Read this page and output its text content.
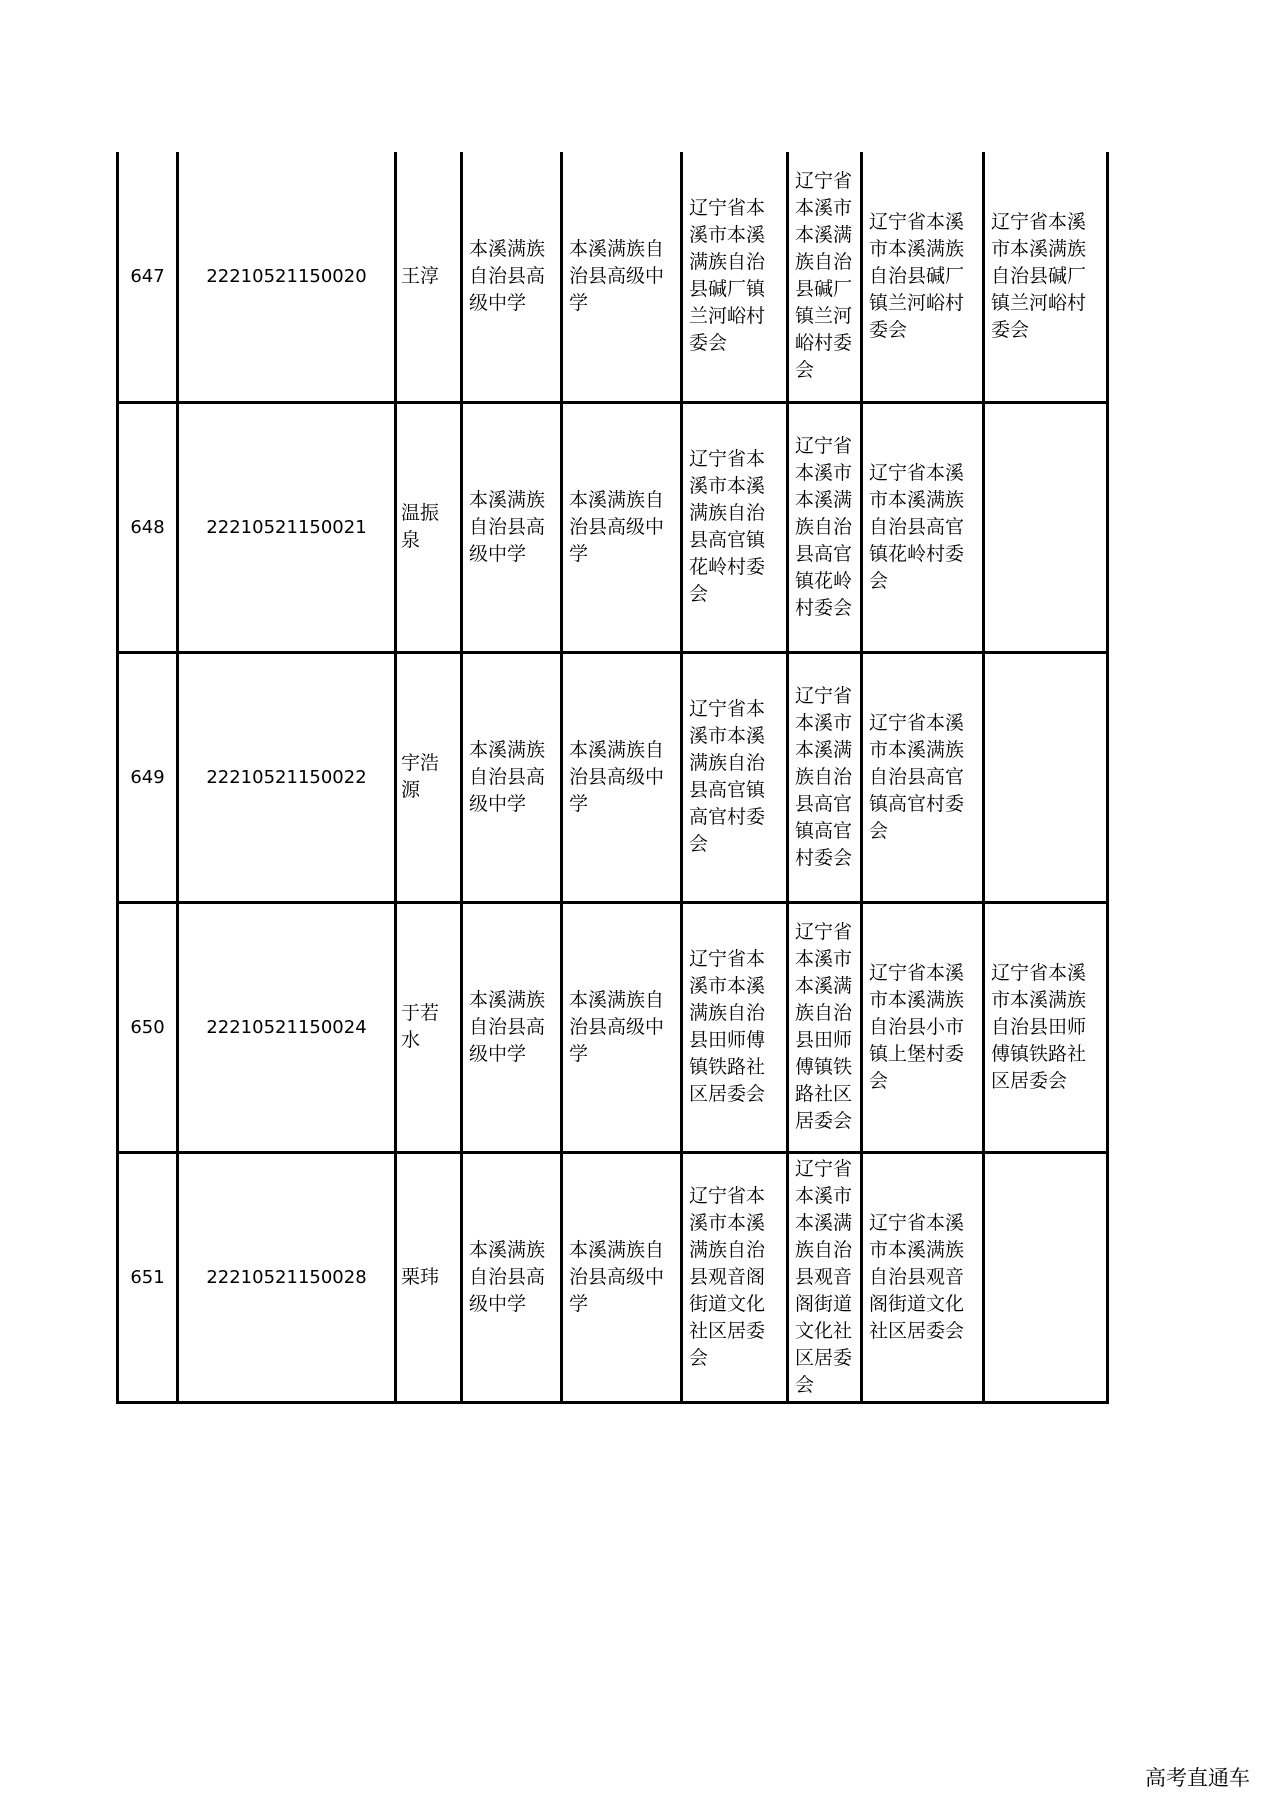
647	22210521150020	王淳	本溪满族自治县高级中学	本溪满族自治县高级中学	辽宁省本溪市本溪满族自治县碱厂镇兰河峪村委会	辽宁省本溪市本溪满族自治县碱厂镇兰河峪村委会	辽宁省本溪市本溪满族自治县碱厂镇兰河峪村委会	辽宁省本溪市本溪满族自治县碱厂镇兰河峪村委会
648	22210521150021	温振泉	本溪满族自治县高级中学	本溪满族自治县高级中学	辽宁省本溪市本溪满族自治县高官镇花岭村委会	辽宁省本溪市本溪满族自治县高官镇花岭村委会	辽宁省本溪市本溪满族自治县高官镇花岭村委会	
649	22210521150022	宇浩源	本溪满族自治县高级中学	本溪满族自治县高级中学	辽宁省本溪市本溪满族自治县高官镇高官村委会	辽宁省本溪市本溪满族自治县高官镇高官村委会	辽宁省本溪市本溪满族自治县高官镇高官村委会	
650	22210521150024	于若水	本溪满族自治县高级中学	本溪满族自治县高级中学	辽宁省本溪市本溪满族自治县田师傅镇铁路社区居委会	辽宁省本溪市本溪满族自治县田师傅镇铁路社区居委会	辽宁省本溪市本溪满族自治县小市镇上堡村委会	辽宁省本溪市本溪满族自治县田师傅镇铁路社区居委会
651	22210521150028	栗玮	本溪满族自治县高级中学	本溪满族自治县高级中学	辽宁省本溪市本溪满族自治县观音阁街道文化社区居委会	辽宁省本溪市本溪满族自治县观音阁街道文化社区居委会	辽宁省本溪市本溪满族自治县观音阁街道文化社区居委会	
高考直通车
